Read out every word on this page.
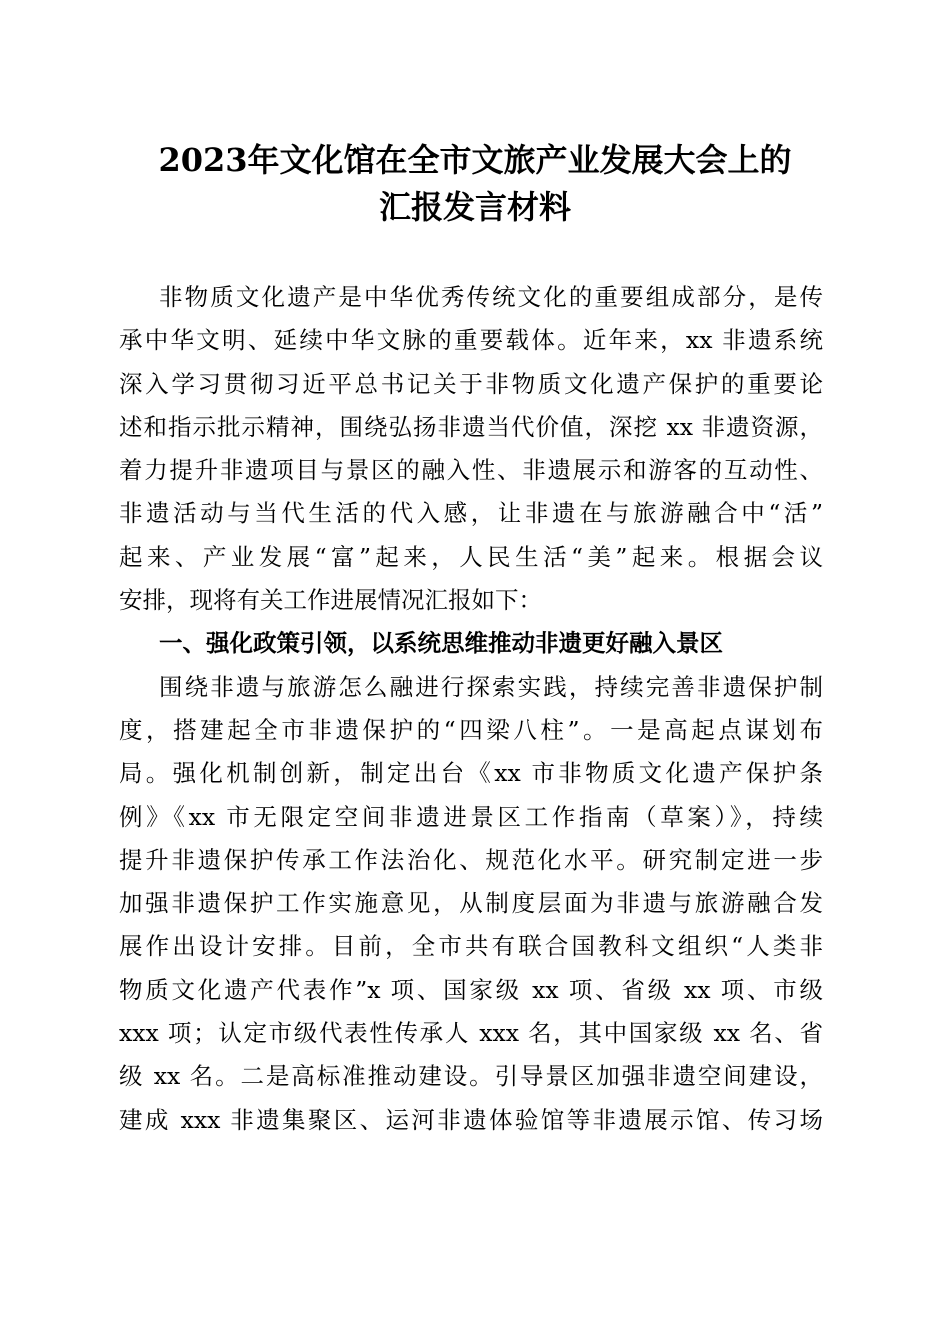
2023年文化馆在全市文旅产业发展大会上的
汇报发言材料
非物质文化遗产是中华优秀传统文化的重要组成部分，是传
承中华文明、延续中华文脉的重要载体。近年来，xx 非遗系统
深入学习贯彻习近平总书记关于非物质文化遗产保护的重要论
述和指示批示精神，围绕弘扬非遗当代价值，深挖 xx 非遗资源，
着力提升非遗项目与景区的融入性、非遗展示和游客的互动性、
非遗活动与当代生活的代入感，让非遗在与旅游融合中“活”
起来、产业发展“富”起来，人民生活“美”起来。根据会议
安排，现将有关工作进展情况汇报如下：
一、强化政策引领，以系统思维推动非遗更好融入景区
围绕非遗与旅游怎么融进行探索实践，持续完善非遗保护制
度，搭建起全市非遗保护的“四梁八柱”。一是高起点谋划布
局。强化机制创新，制定出台《xx 市非物质文化遗产保护条
例》《xx 市无限定空间非遗进景区工作指南（草案）》，持续
提升非遗保护传承工作法治化、规范化水平。研究制定进一步
加强非遗保护工作实施意见，从制度层面为非遗与旅游融合发
展作出设计安排。目前，全市共有联合国教科文组织“人类非
物质文化遗产代表作”x 项、国家级 xx 项、省级 xx 项、市级
xxx 项；认定市级代表性传承人 xxx 名，其中国家级 xx 名、省
级 xx 名。二是高标准推动建设。引导景区加强非遗空间建设，
建成 xxx 非遗集聚区、运河非遗体验馆等非遗展示馆、传习场
